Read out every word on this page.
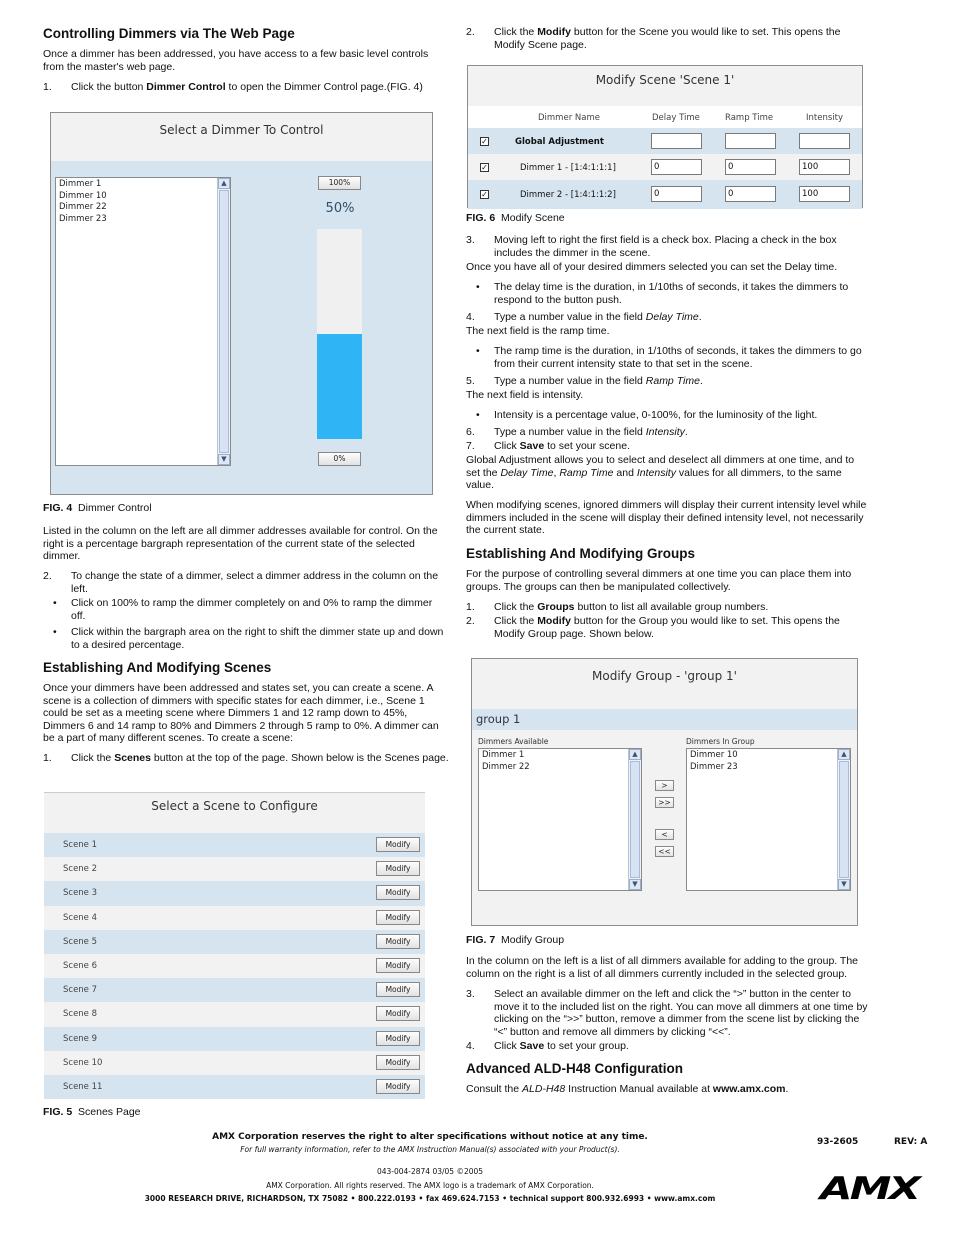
Controlling Dimmers via The Web Page

Once a dimmer has been addressed, you have access to a few basic level controls from the master's web page.

1. Click the button Dimmer Control to open the Dimmer Control page.(FIG. 4)
Select a Dimmer To Control
Dimmer 1
Dimmer 10
Dimmer 22
Dimmer 23
▲
▼
100%
50%
0%
FIG. 4 Dimmer Control

Listed in the column on the left are all dimmer addresses available for control. On the right is a percentage bargraph representation of the current state of the selected dimmer.

2. To change the state of a dimmer, select a dimmer address in the column on the left.
• Click on 100% to ramp the dimmer completely on and 0% to ramp the dimmer off.
• Click within the bargraph area on the right to shift the dimmer state up and down to a desired percentage.
Establishing And Modifying Scenes

Once your dimmers have been addressed and states set, you can create a scene. A scene is a collection of dimmers with specific states for each dimmer, i.e., Scene 1 could be set as a meeting scene where Dimmers 1 and 12 ramp down to 45%, Dimmers 6 and 14 ramp to 80% and Dimmers 2 through 5 ramp to 0%. A dimmer can be a part of many different scenes. To create a scene:

1. Click the Scenes button at the top of the page. Shown below is the Scenes page.
Select a Scene to Configure
Scene 1	Modify
Scene 2	Modify
Scene 3	Modify
Scene 4	Modify
Scene 5	Modify
Scene 6	Modify
Scene 7	Modify
Scene 8	Modify
Scene 9	Modify
Scene 10	Modify
Scene 11	Modify
FIG. 5 Scenes Page
2. Click the Modify button for the Scene you would like to set. This opens the Modify Scene page.
Modify Scene 'Scene 1'
Dimmer Name	Delay Time	Ramp Time	Intensity
✓	Global Adjustment
✓	Dimmer 1 - [1:4:1:1:1]	0	0	100
✓	Dimmer 2 - [1:4:1:1:2]	0	0	100
FIG. 6 Modify Scene
3. Moving left to right the first field is a check box. Placing a check in the box includes the dimmer in the scene.

Once you have all of your desired dimmers selected you can set the Delay time.

• The delay time is the duration, in 1/10ths of seconds, it takes the dimmers to respond to the button push.
4. Type a number value in the field Delay Time.

The next field is the ramp time.

• The ramp time is the duration, in 1/10ths of seconds, it takes the dimmers to go from their current intensity state to that set in the scene.
5. Type a number value in the field Ramp Time.

The next field is intensity.

• Intensity is a percentage value, 0-100%, for the luminosity of the light.
6. Type a number value in the field Intensity.
7. Click Save to set your scene.

Global Adjustment allows you to select and deselect all dimmers at one time, and to set the Delay Time, Ramp Time and Intensity values for all dimmers, to the same value.

When modifying scenes, ignored dimmers will display their current intensity level while dimmers included in the scene will display their defined intensity level, not necessarily the current state.

Establishing And Modifying Groups

For the purpose of controlling several dimmers at one time you can place them into groups. The groups can then be manipulated collectively.

1. Click the Groups button to list all available group numbers.
2. Click the Modify button for the Group you would like to set. This opens the Modify Group page. Shown below.
Modify Group - 'group 1'
group 1
Dimmers Available	Dimmers In Group
Dimmer 1
Dimmer 22
▲
▼
>
>>
<
<<
Dimmer 10
Dimmer 23
▲
▼
FIG. 7 Modify Group

In the column on the left is a list of all dimmers available for adding to the group. The column on the right is a list of all dimmers currently included in the selected group.

3. Select an available dimmer on the left and click the “>” button in the center to move it to the included list on the right. You can move all dimmers at one time by clicking on the “>>” button, remove a dimmer from the scene list by clicking the “<” button and remove all dimmers by clicking “<<”.
4. Click Save to set your group.
Advanced ALD-H48 Configuration

Consult the ALD-H48 Instruction Manual available at www.amx.com.

AMX Corporation reserves the right to alter specifications without notice at any time.
For full warranty information, refer to the AMX Instruction Manual(s) associated with your Product(s).
043-004-2874 03/05 ©2005
AMX Corporation. All rights reserved. The AMX logo is a trademark of AMX Corporation.
3000 RESEARCH DRIVE, RICHARDSON, TX 75082 • 800.222.0193 • fax 469.624.7153 • technical support 800.932.6993 • www.amx.com
93-2605	REV: A
AMX
